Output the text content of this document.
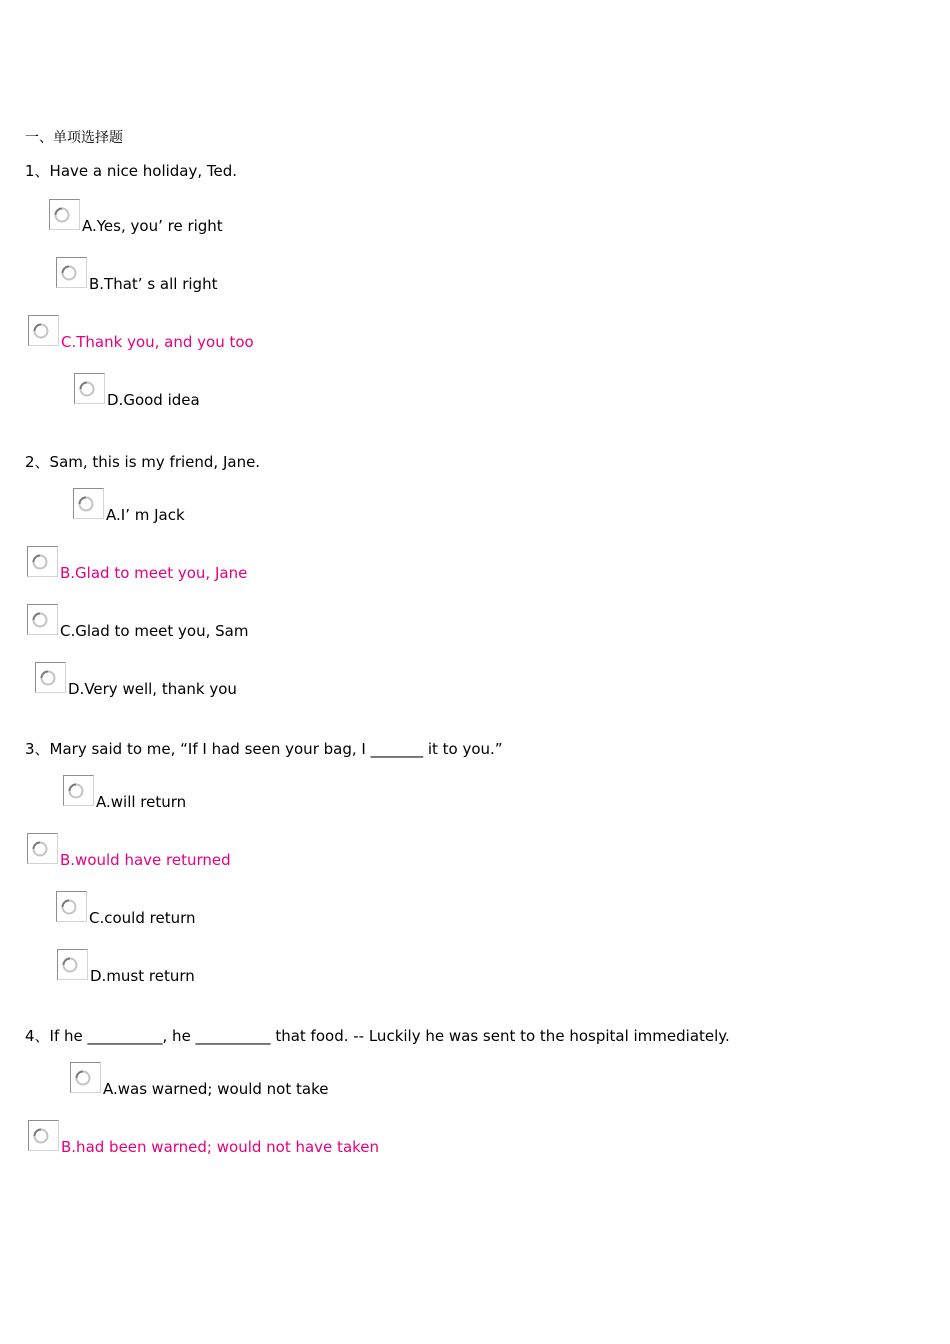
一、单项选择题
1、Have a nice holiday, Ted.
A.Yes, you’ re right
B.That’ s all right
C.Thank you, and you too
D.Good idea
2、Sam, this is my friend, Jane.
A.I’ m Jack
B.Glad to meet you, Jane
C.Glad to meet you, Sam
D.Very well, thank you
3、Mary said to me, “If I had seen your bag, I _______ it to you.”
A.will return
B.would have returned
C.could return
D.must return
4、If he __________, he __________ that food. -- Luckily he was sent to the hospital immediately.
A.was warned; would not take
B.had been warned; would not have taken
